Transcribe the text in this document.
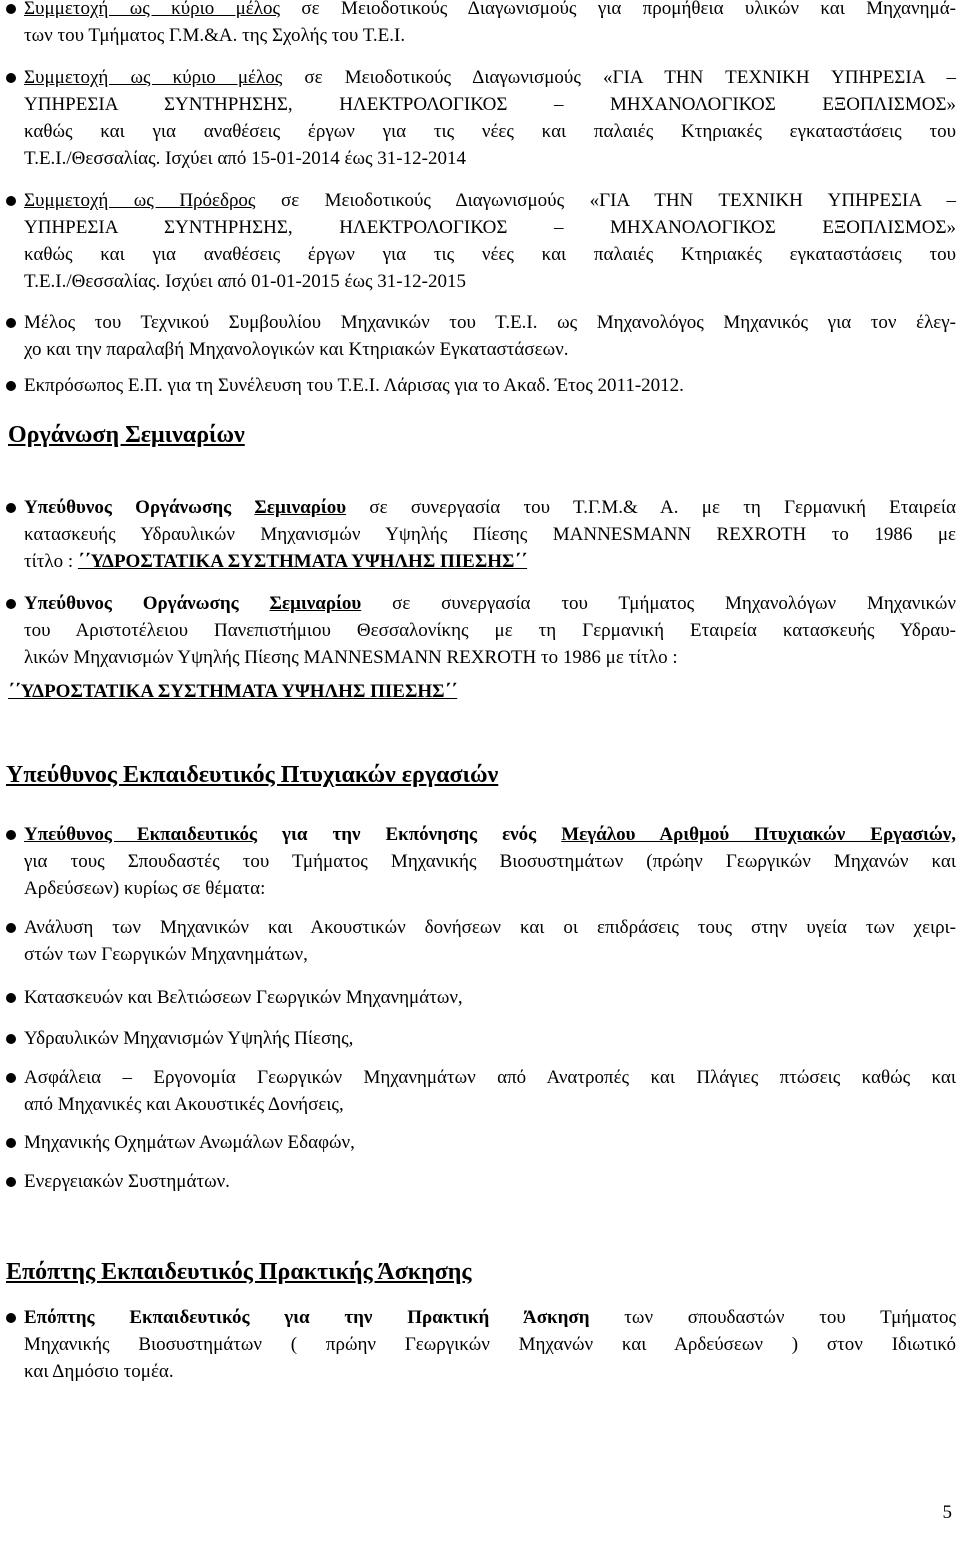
Συμμετοχή ως κύριο μέλος σε Μειοδοτικούς Διαγωνισμούς για προμήθεια υλικών και Μηχανημά-
των του Τμήματος Γ.Μ.&Α. της Σχολής του Τ.Ε.Ι.
Συμμετοχή ως κύριο μέλος σε Μειοδοτικούς Διαγωνισμούς «ΓΙΑ ΤΗΝ ΤΕΧΝΙΚΗ ΥΠΗΡΕΣΙΑ –
ΥΠΗΡΕΣΙΑ ΣΥΝΤΗΡΗΣΗΣ, ΗΛΕΚΤΡΟΛΟΓΙΚΟΣ – ΜΗΧΑΝΟΛΟΓΙΚΟΣ ΕΞΟΠΛΙΣΜΟΣ»
καθώς και για αναθέσεις έργων για τις νέες και παλαιές Κτηριακές εγκαταστάσεις του
Τ.Ε.Ι./Θεσσαλίας. Ισχύει από 15-01-2014 έως 31-12-2014
Συμμετοχή ως Πρόεδρος σε Μειοδοτικούς Διαγωνισμούς «ΓΙΑ ΤΗΝ ΤΕΧΝΙΚΗ ΥΠΗΡΕΣΙΑ –
ΥΠΗΡΕΣΙΑ ΣΥΝΤΗΡΗΣΗΣ, ΗΛΕΚΤΡΟΛΟΓΙΚΟΣ – ΜΗΧΑΝΟΛΟΓΙΚΟΣ ΕΞΟΠΛΙΣΜΟΣ»
καθώς και για αναθέσεις έργων για τις νέες και παλαιές Κτηριακές εγκαταστάσεις του
Τ.Ε.Ι./Θεσσαλίας. Ισχύει από 01-01-2015 έως 31-12-2015
Μέλος του Τεχνικού Συμβουλίου Μηχανικών του Τ.Ε.Ι. ως Μηχανολόγος Μηχανικός για τον έλεγ-
χο και την παραλαβή Μηχανολογικών και Κτηριακών Εγκαταστάσεων.
Εκπρόσωπος Ε.Π. για τη Συνέλευση του Τ.Ε.Ι. Λάρισας για το Ακαδ. Έτος 2011-2012.
Οργάνωση Σεμιναρίων
Υπεύθυνος Οργάνωσης Σεμιναρίου σε συνεργασία του Τ.Γ.Μ.& Α. με τη Γερμανική Εταιρεία
κατασκευής Υδραυλικών Μηχανισμών Υψηλής Πίεσης MANNESMANN REXROTH το 1986 με
τίτλο : ΄΄ΥΔΡΟΣΤΑΤΙΚΑ ΣΥΣΤΗΜΑΤΑ ΥΨΗΛΗΣ ΠΙΕΣΗΣ΄΄
Υπεύθυνος Οργάνωσης Σεμιναρίου σε συνεργασία του Τμήματος Μηχανολόγων Μηχανικών
του Αριστοτέλειου Πανεπιστήμιου Θεσσαλονίκης με τη Γερμανική Εταιρεία κατασκευής Υδραυ-
λικών Μηχανισμών Υψηλής Πίεσης MANNESMANN REXROTH το 1986 με τίτλο :
΄΄ΥΔΡΟΣΤΑΤΙΚΑ ΣΥΣΤΗΜΑΤΑ ΥΨΗΛΗΣ ΠΙΕΣΗΣ΄΄
Υπεύθυνος Εκπαιδευτικός Πτυχιακών εργασιών
Υπεύθυνος Εκπαιδευτικός για την Εκπόνησης ενός Μεγάλου Αριθμού Πτυχιακών Εργασιών,
για τους Σπουδαστές του Τμήματος Μηχανικής Βιοσυστημάτων (πρώην Γεωργικών Μηχανών και
Αρδεύσεων) κυρίως σε θέματα:
Ανάλυση των Μηχανικών και Ακουστικών δονήσεων και οι επιδράσεις τους στην υγεία των χειρι-
στών των Γεωργικών Μηχανημάτων,
Κατασκευών και Βελτιώσεων Γεωργικών Μηχανημάτων,
Υδραυλικών Μηχανισμών Υψηλής Πίεσης,
Ασφάλεια – Εργονομία Γεωργικών Μηχανημάτων από Ανατροπές και Πλάγιες πτώσεις καθώς και
από Μηχανικές και Ακουστικές Δονήσεις,
Μηχανικής Οχημάτων Ανωμάλων Εδαφών,
Ενεργειακών Συστημάτων.
Επόπτης Εκπαιδευτικός Πρακτικής Άσκησης
Επόπτης Εκπαιδευτικός για την Πρακτική Άσκηση των σπουδαστών του Τμήματος
Μηχανικής Βιοσυστημάτων ( πρώην Γεωργικών Μηχανών και Αρδεύσεων ) στον Ιδιωτικό
και Δημόσιο τομέα.
5
